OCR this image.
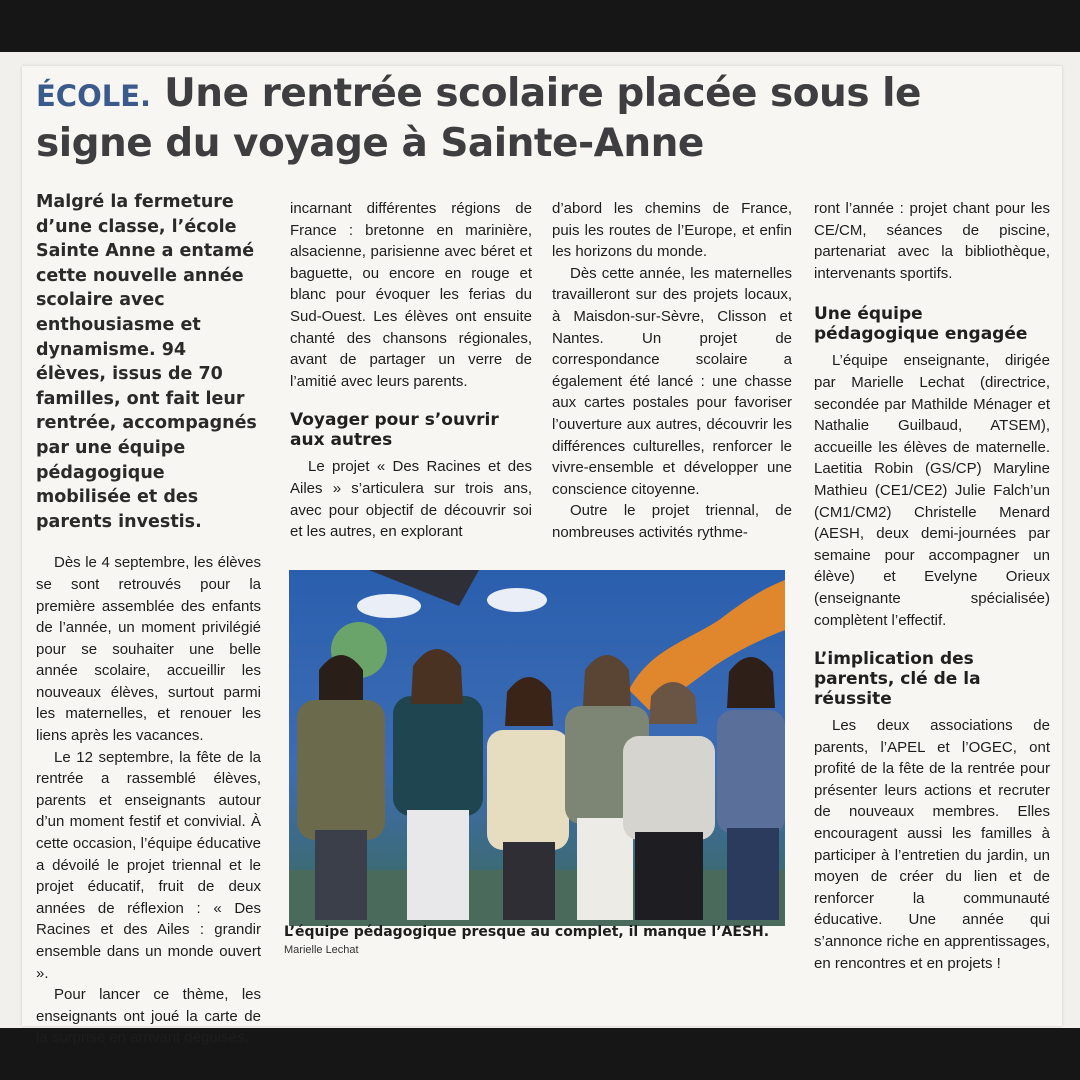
ÉCOLE. Une rentrée scolaire placée sous le signe du voyage à Sainte-Anne
Malgré la fermeture d’une classe, l’école Sainte Anne a entamé cette nouvelle année scolaire avec enthousiasme et dynamisme. 94 élèves, issus de 70 familles, ont fait leur rentrée, accompagnés par une équipe pédagogique mobilisée et des parents investis.

Dès le 4 septembre, les élèves se sont retrouvés pour la première assemblée des enfants de l’année, un moment privilégié pour se souhaiter une belle année scolaire, accueillir les nouveaux élèves, surtout parmi les maternelles, et renouer les liens après les vacances.

Le 12 septembre, la fête de la rentrée a rassemblé élèves, parents et enseignants autour d’un moment festif et convivial. À cette occasion, l’équipe éducative a dévoilé le projet triennal et le projet éducatif, fruit de deux années de réflexion : « Des Racines et des Ailes : grandir ensemble dans un monde ouvert ».

Pour lancer ce thème, les enseignants ont joué la carte de la surprise en arrivant déguisés,

incarnant différentes régions de France : bretonne en marinière, alsacienne, parisienne avec béret et baguette, ou encore en rouge et blanc pour évoquer les ferias du Sud-Ouest. Les élèves ont ensuite chanté des chansons régionales, avant de partager un verre de l’amitié avec leurs parents.

Voyager pour s’ouvrir aux autres

Le projet « Des Racines et des Ailes » s’articulera sur trois ans, avec pour objectif de découvrir soi et les autres, en explorant

d’abord les chemins de France, puis les routes de l’Europe, et enfin les horizons du monde.

Dès cette année, les maternelles travailleront sur des projets locaux, à Maisdon-sur-Sèvre, Clisson et Nantes. Un projet de correspondance scolaire a également été lancé : une chasse aux cartes postales pour favoriser l’ouverture aux autres, découvrir les différences culturelles, renforcer le vivre-ensemble et développer une conscience citoyenne.

Outre le projet triennal, de nombreuses activités rythme-

ront l’année : projet chant pour les CE/CM, séances de piscine, partenariat avec la bibliothèque, intervenants sportifs.

Une équipe pédagogique engagée

L’équipe enseignante, dirigée par Marielle Lechat (directrice, secondée par Mathilde Ménager et Nathalie Guilbaud, ATSEM), accueille les élèves de maternelle. Laetitia Robin (GS/CP) Maryline Mathieu (CE1/CE2) Julie Falch’un (CM1/CM2) Christelle Menard (AESH, deux demi-journées par semaine pour accompagner un élève) et Evelyne Orieux (enseignante spécialisée) complètent l’effectif.

L’implication des parents, clé de la réussite

Les deux associations de parents, l’APEL et l’OGEC, ont profité de la fête de la rentrée pour présenter leurs actions et recruter de nouveaux membres. Elles encouragent aussi les familles à participer à l’entretien du jardin, un moyen de créer du lien et de renforcer la communauté éducative. Une année qui s’annonce riche en apprentissages, en rencontres et en projets !

L’équipe pédagogique presque au complet, il manque l’AESH.
Marielle Lechat
